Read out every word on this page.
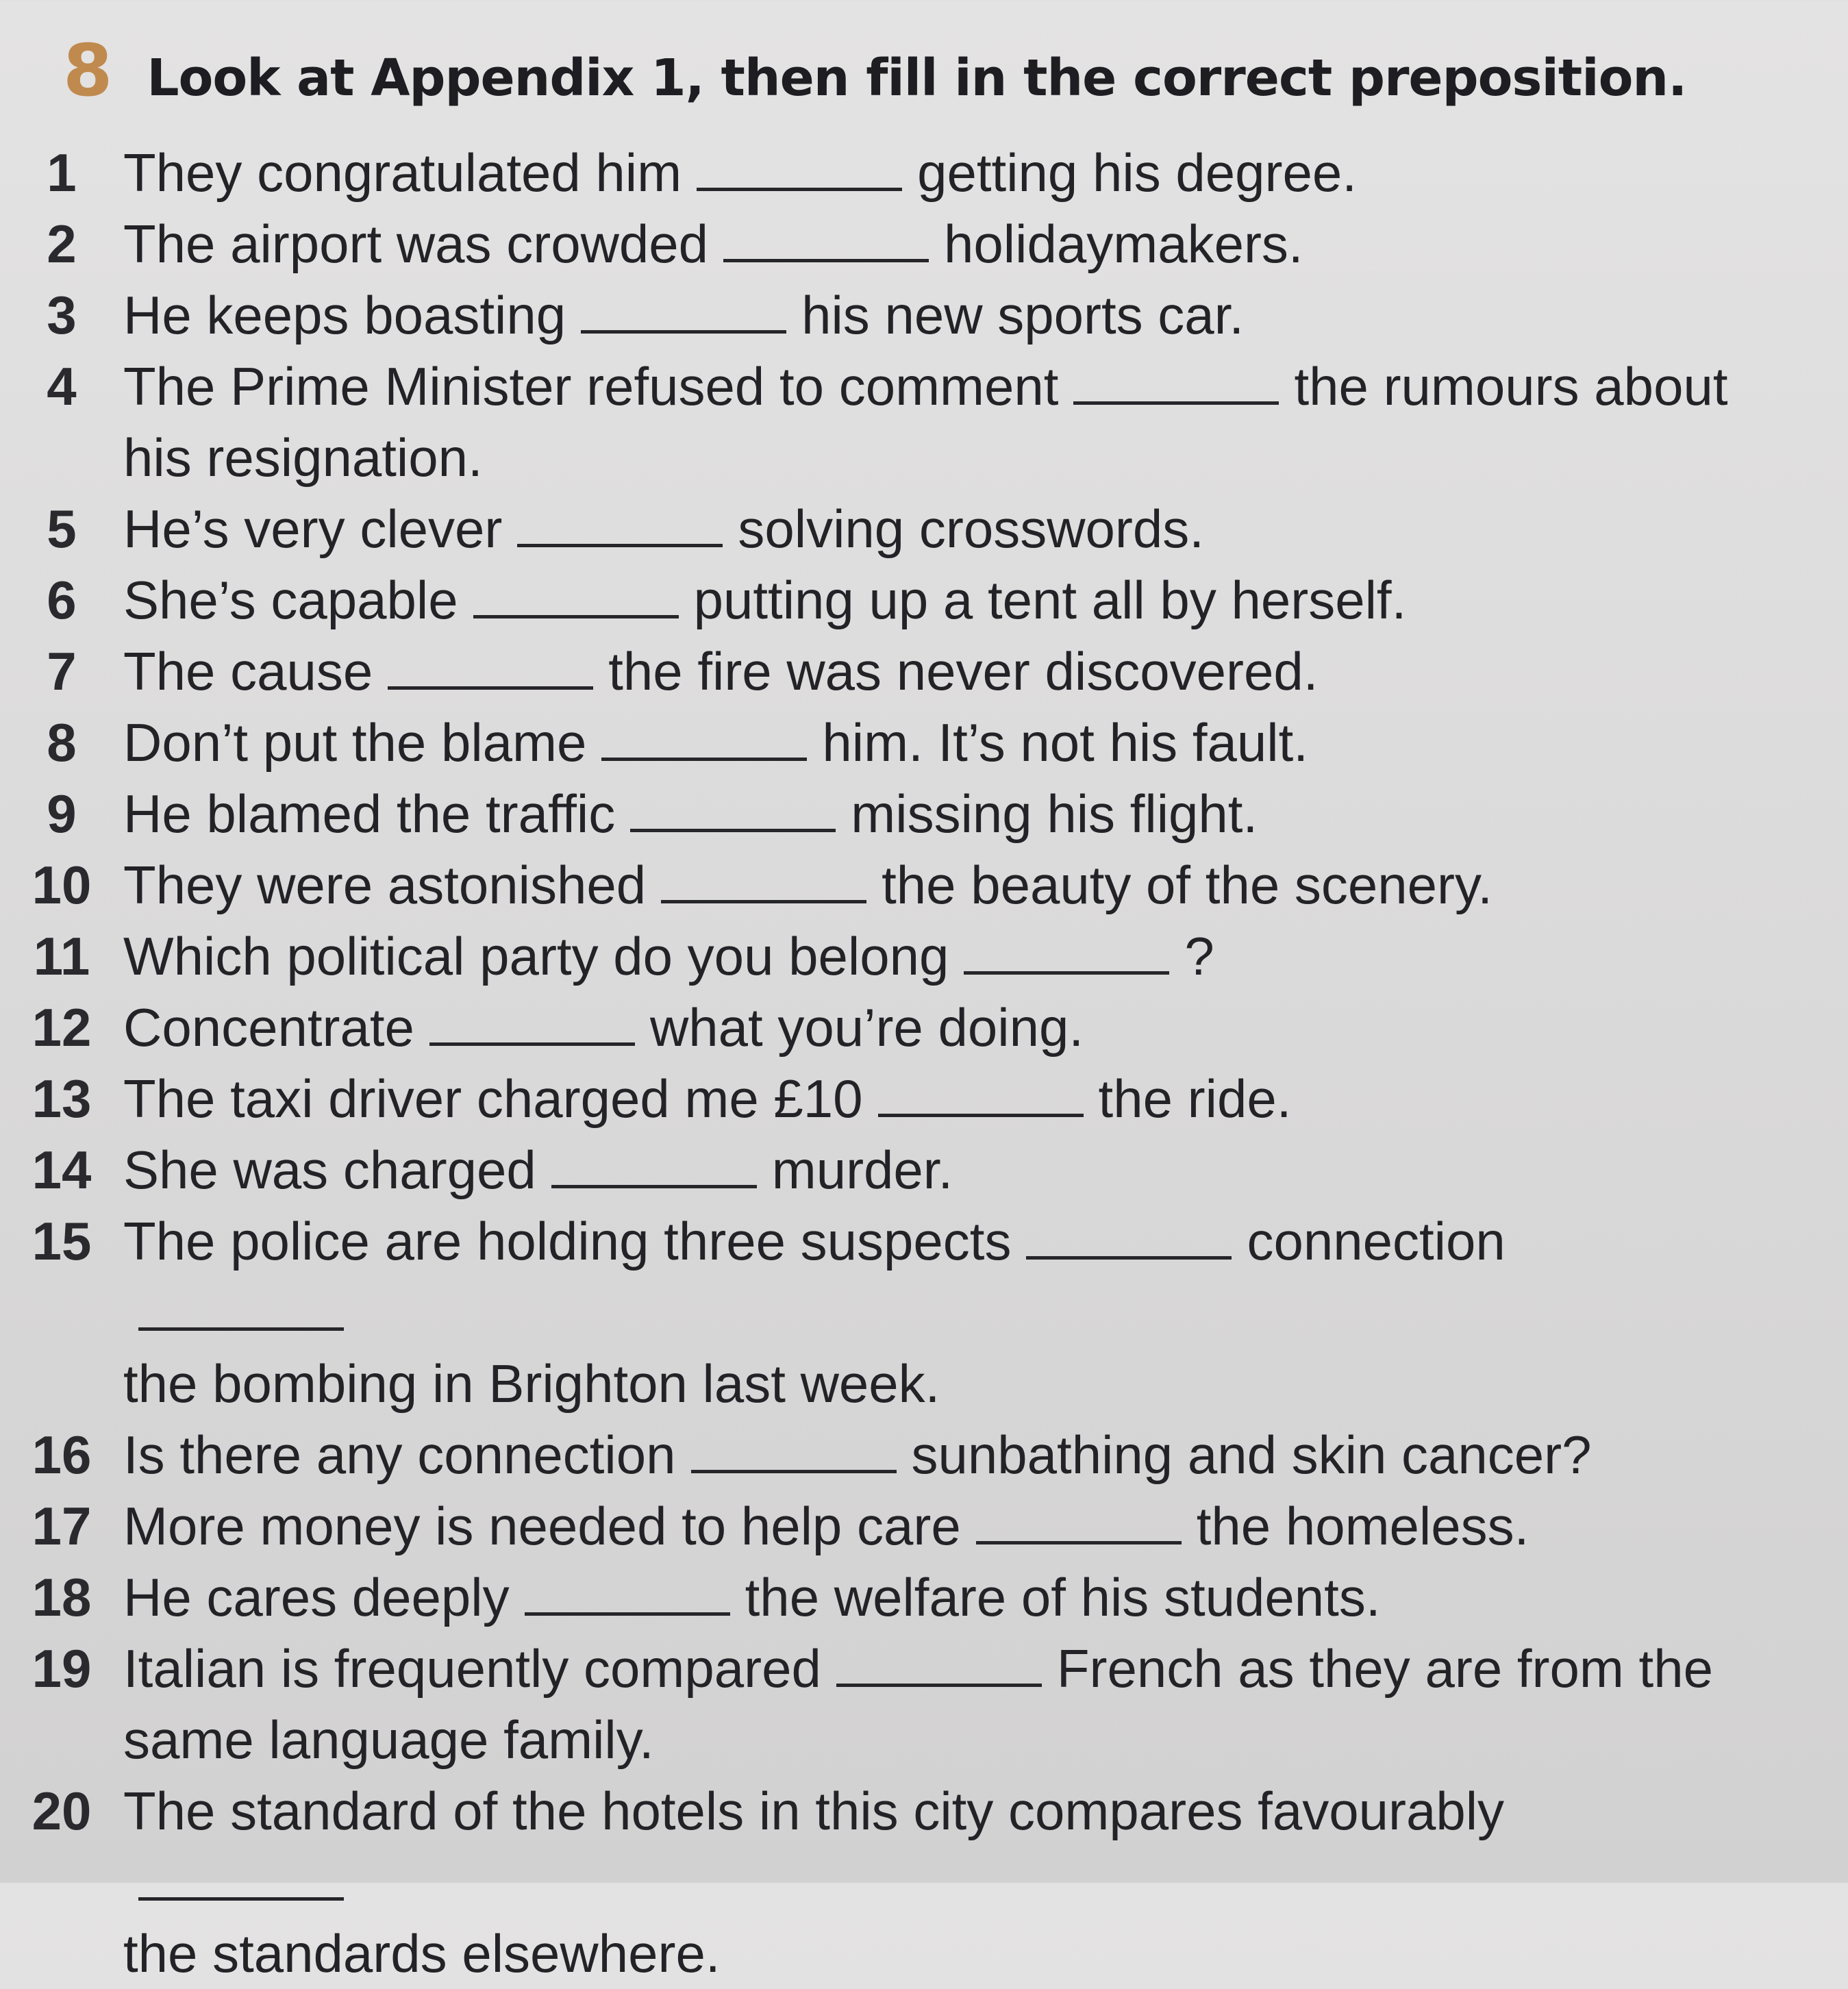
8 Look at Appendix 1, then fill in the correct preposition.
1 They congratulated him	getting his degree.
2 The airport was crowded	holidaymakers.
3 He keeps boasting	his new sports car.
4 The Prime Minister refused to comment	the rumours about
his resignation.
5 He’s very clever	solving crosswords.
6 She’s capable	putting up a tent all by herself.
7 The cause	the fire was never discovered.
8 Don’t put the blame	him. It’s not his fault.
9 He blamed the traffic	missing his flight.
10 They were astonished	the beauty of the scenery.
11 Which political party do you belong	?
12 Concentrate	what you’re doing.
13 The taxi driver charged me £10	the ride.
14 She was charged	murder.
15 The police are holding three suspects	connection
the bombing in Brighton last week.
16 Is there any connection	sunbathing and skin cancer?
17 More money is needed to help care	the homeless.
18 He cares deeply	the welfare of his students.
19 Italian is frequently compared	French as they are from the
same language family.
20 The standard of the hotels in this city compares favourably
the standards elsewhere.
